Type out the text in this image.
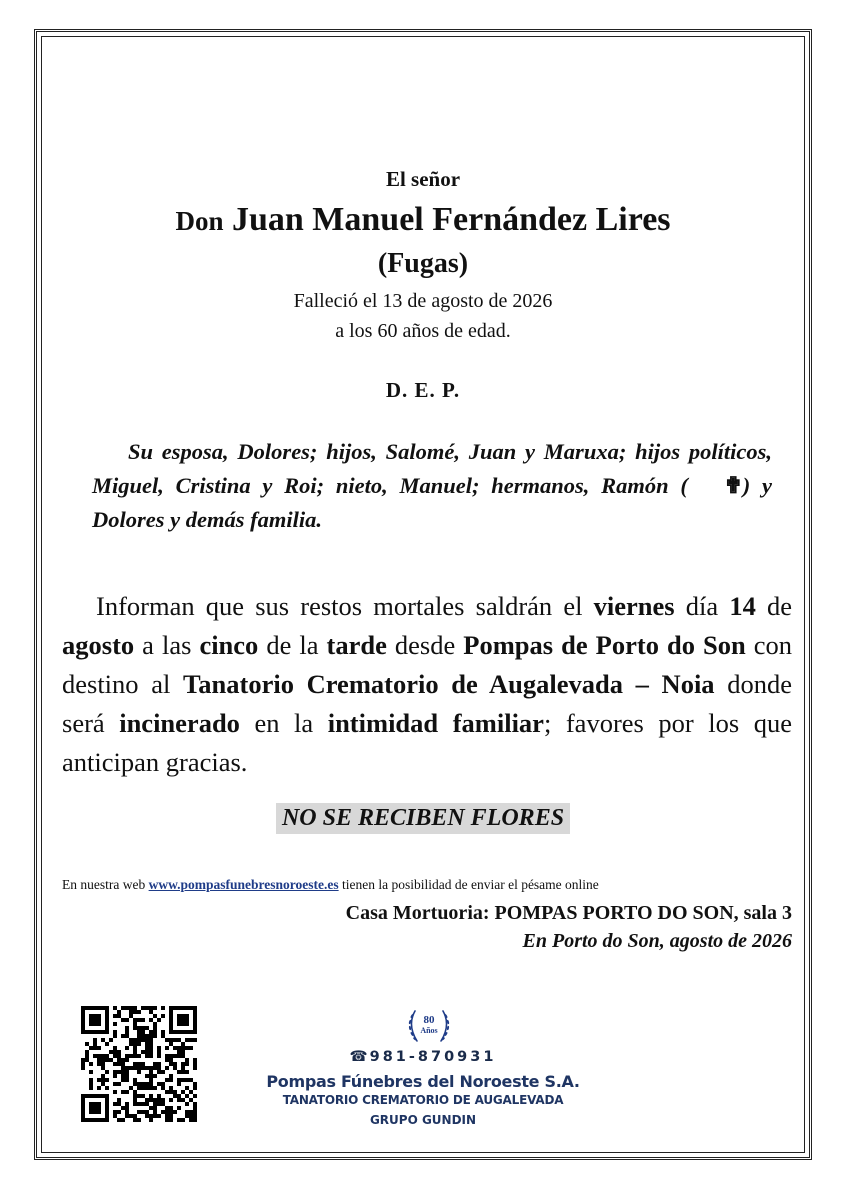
El señor
Don Juan Manuel Fernández Lires
(Fugas)
Falleció el 13 de agosto de 2026
a los 60 años de edad.
D. E. P.
Su esposa, Dolores; hijos, Salomé, Juan y Maruxa; hijos políticos, Miguel, Cristina y Roi; nieto, Manuel; hermanos, Ramón ( ✟) y Dolores y demás familia.
Informan que sus restos mortales saldrán el viernes día 14 de agosto a las cinco de la tarde desde Pompas de Porto do Son con destino al Tanatorio Crematorio de Augalevada – Noia donde será incinerado en la intimidad familiar; favores por los que anticipan gracias.
NO SE RECIBEN FLORES
En nuestra web www.pompasfunebresnoroeste.es tienen la posibilidad de enviar el pésame online
Casa Mortuoria: POMPAS PORTO DO SON, sala 3
En Porto do Son, agosto de 2026
80
Años
☎ 981-870931
Pompas Fúnebres del Noroeste S.A.
TANATORIO CREMATORIO DE AUGALEVADA
GRUPO GUNDIN
